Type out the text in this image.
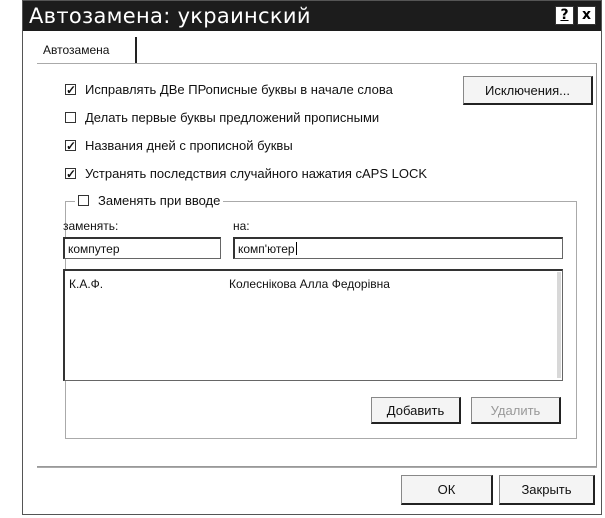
Автозамена: украинский	? x
Автозамена
✓
Исправлять ДВе ПРописные буквы в начале слова
Делать первые буквы предложений прописными
✓
Названия дней с прописной буквы
✓
Устранять последствия случайного нажатия cAPS LOCK
Исключения...
Заменять при вводе
заменять:	на:
компутер	комп'ютер
К.А.Ф.	Колеснікова Алла Федорівна
Добавить	Удалить
ОК	Закрыть
